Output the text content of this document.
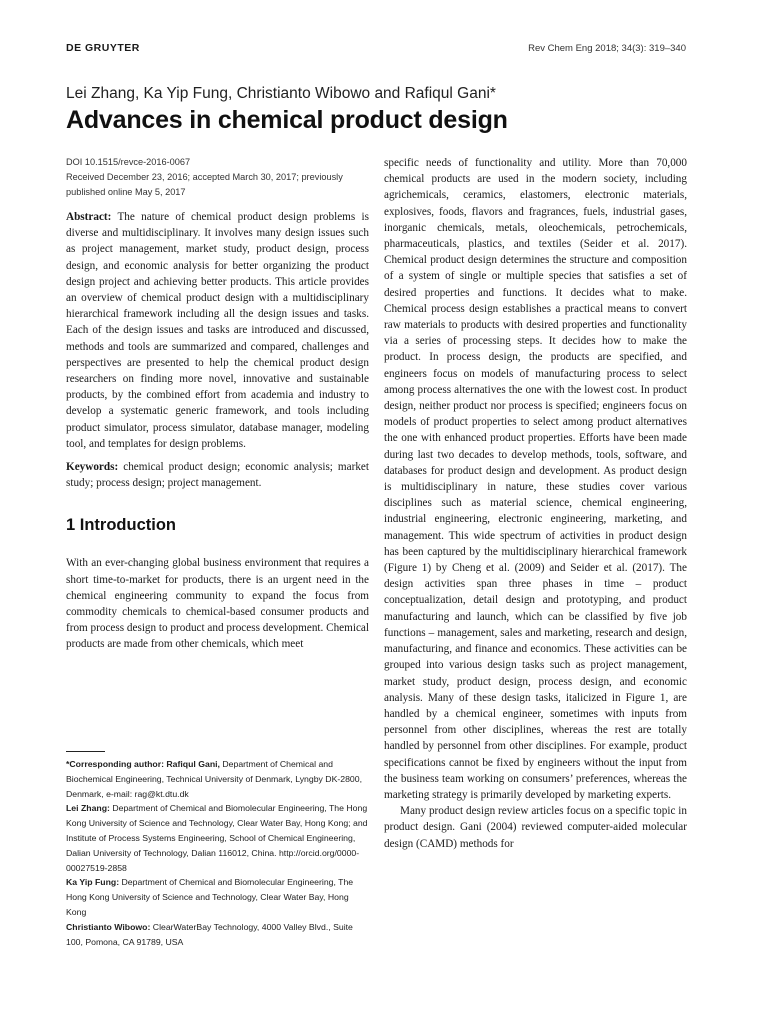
DE GRUYTER	Rev Chem Eng 2018; 34(3): 319–340
Lei Zhang, Ka Yip Fung, Christianto Wibowo and Rafiqul Gani*
Advances in chemical product design

DOI 10.1515/revce-2016-0067
Received December 23, 2016; accepted March 30, 2017; previously
published online May 5, 2017

Abstract: The nature of chemical product design problems is diverse and multidisciplinary. It involves many design issues such as project management, market study, product design, process design, and economic analysis for better organizing the product design project and achieving better products. This article provides an overview of chemical product design with a multidisciplinary hierarchical framework including all the design issues and tasks. Each of the design issues and tasks are introduced and discussed, methods and tools are summarized and compared, challenges and perspectives are presented to help the chemical product design researchers on finding more novel, innovative and sustainable products, by the combined effort from academia and industry to develop a systematic generic framework, and tools including product simulator, process simulator, database manager, modeling tool, and templates for design problems.

Keywords: chemical product design; economic analysis; market study; process design; project management.

1 Introduction

With an ever-changing global business environment that requires a short time-to-market for products, there is an urgent need in the chemical engineering community to expand the focus from commodity chemicals to chemical-based consumer products and from process design to product and process development. Chemical products are made from other chemicals, which meet

*Corresponding author: Rafiqul Gani, Department of Chemical and Biochemical Engineering, Technical University of Denmark, Lyngby DK-2800, Denmark, e-mail: rag@kt.dtu.dk

Lei Zhang: Department of Chemical and Biomolecular Engineering, The Hong Kong University of Science and Technology, Clear Water Bay, Hong Kong; and Institute of Process Systems Engineering, School of Chemical Engineering, Dalian University of Technology, Dalian 116012, China. http://orcid.org/0000-00027519-2858

Ka Yip Fung: Department of Chemical and Biomolecular Engineering, The Hong Kong University of Science and Technology, Clear Water Bay, Hong Kong

Christianto Wibowo: ClearWaterBay Technology, 4000 Valley Blvd., Suite 100, Pomona, CA 91789, USA

specific needs of functionality and utility. More than 70,000 chemical products are used in the modern society, including agrichemicals, ceramics, elastomers, electronic materials, explosives, foods, flavors and fragrances, fuels, industrial gases, inorganic chemicals, metals, oleochemicals, petrochemicals, pharmaceuticals, plastics, and textiles (Seider et al. 2017). Chemical product design determines the structure and composition of a system of single or multiple species that satisfies a set of desired properties and functions. It decides what to make. Chemical process design establishes a practical means to convert raw materials to products with desired properties and functionality via a series of processing steps. It decides how to make the product. In process design, the products are specified, and engineers focus on models of manufacturing process to select among process alternatives the one with the lowest cost. In product design, neither product nor process is specified; engineers focus on models of product properties to select among product alternatives the one with enhanced product properties. Efforts have been made during last two decades to develop methods, tools, software, and databases for product design and development. As product design is multidisciplinary in nature, these studies cover various disciplines such as material science, chemical engineering, industrial engineering, electronic engineering, marketing, and management. This wide spectrum of activities in product design has been captured by the multidisciplinary hierarchical framework (Figure 1) by Cheng et al. (2009) and Seider et al. (2017). The design activities span three phases in time – product conceptualization, detail design and prototyping, and product manufacturing and launch, which can be classified by five job functions – management, sales and marketing, research and design, manufacturing, and finance and economics. These activities can be grouped into various design tasks such as project management, market study, product design, process design, and economic analysis. Many of these design tasks, italicized in Figure 1, are handled by a chemical engineer, sometimes with inputs from personnel from other disciplines, whereas the rest are totally handled by personnel from other disciplines. For example, product specifications cannot be fixed by engineers without the input from the business team working on consumers’ preferences, whereas the marketing strategy is primarily developed by marketing experts.

Many product design review articles focus on a specific topic in product design. Gani (2004) reviewed computer-aided molecular design (CAMD) methods for
